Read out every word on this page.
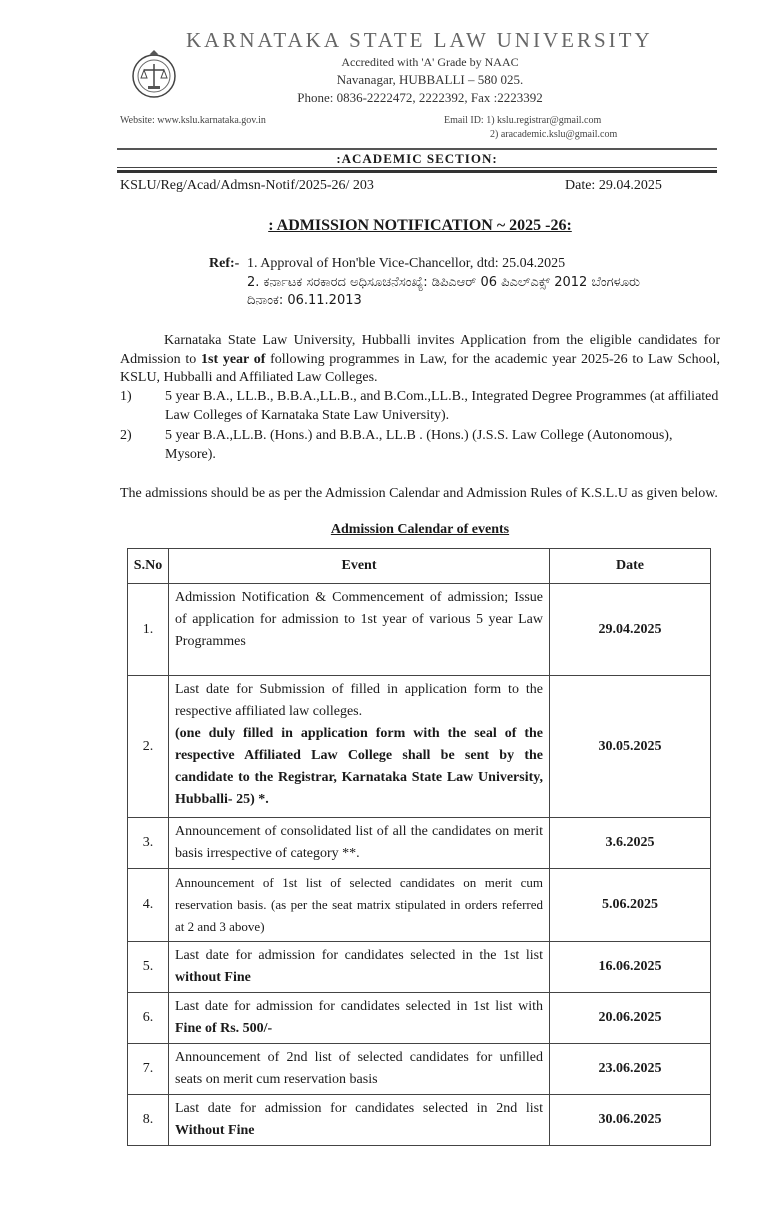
KARNATAKA STATE LAW UNIVERSITY
Accredited with 'A' Grade by NAAC
Navanagar, HUBBALLI – 580 025.
Phone: 0836-2222472, 2222392, Fax :2223392
Website: www.kslu.karnataka.gov.in	Email ID: 1) kslu.registrar@gmail.com
2) aracademic.kslu@gmail.com
:ACADEMIC SECTION:
KSLU/Reg/Acad/Admsn-Notif/2025-26/ 203	Date: 29.04.2025
: ADMISSION NOTIFICATION ~ 2025 -26:
Ref:- 1. Approval of Hon'ble Vice-Chancellor, dtd: 25.04.2025
2. ಕರ್ನಾಟಕ ಸರಕಾರದ ಅಧಿಸೂಚನೆಸಂಖ್ಯೆ: ಡಿಪಿಎಆರ್ 06 ಪಿಎಲ್ಎಕ್ಸ್ 2012 ಬೆಂಗಳೂರು
ದಿನಾಂಕ: 06.11.2013
Karnataka State Law University, Hubballi invites Application from the eligible candidates for Admission to 1st year of following programmes in Law, for the academic year 2025-26 to Law School, KSLU, Hubballi and Affiliated Law Colleges.
1) 5 year B.A., LL.B., B.B.A.,LL.B., and B.Com.,LL.B., Integrated Degree Programmes (at affiliated Law Colleges of Karnataka State Law University).
2) 5 year B.A.,LL.B. (Hons.) and B.B.A., LL.B . (Hons.) (J.S.S. Law College (Autonomous), Mysore).
The admissions should be as per the Admission Calendar and Admission Rules of K.S.L.U as given below.
Admission Calendar of events
S.No	Event	Date
1.	Admission Notification & Commencement of admission; Issue of application for admission to 1st year of various 5 year Law Programmes	29.04.2025
2.	Last date for Submission of filled in application form to the respective affiliated law colleges.
(one duly filled in application form with the seal of the respective Affiliated Law College shall be sent by the candidate to the Registrar, Karnataka State Law University, Hubballi- 25) *.	30.05.2025
3.	Announcement of consolidated list of all the candidates on merit basis irrespective of category **.	3.6.2025
4.	Announcement of 1st list of selected candidates on merit cum reservation basis. (as per the seat matrix stipulated in orders referred at 2 and 3 above)	5.06.2025
5.	Last date for admission for candidates selected in the 1st list without Fine	16.06.2025
6.	Last date for admission for candidates selected in 1st list with Fine of Rs. 500/-	20.06.2025
7.	Announcement of 2nd list of selected candidates for unfilled seats on merit cum reservation basis	23.06.2025
8.	Last date for admission for candidates selected in 2nd list Without Fine	30.06.2025
